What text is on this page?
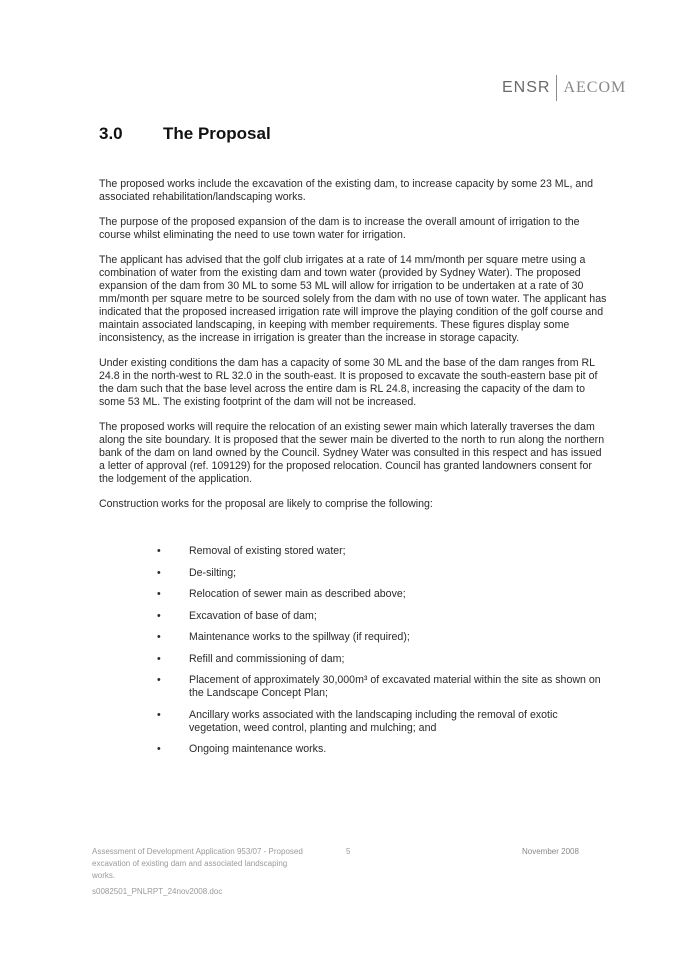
ENSR AECOM
3.0 The Proposal

The proposed works include the excavation of the existing dam, to increase capacity by some 23 ML, and associated rehabilitation/landscaping works.

The purpose of the proposed expansion of the dam is to increase the overall amount of irrigation to the course whilst eliminating the need to use town water for irrigation.

The applicant has advised that the golf club irrigates at a rate of 14 mm/month per square metre using a combination of water from the existing dam and town water (provided by Sydney Water). The proposed expansion of the dam from 30 ML to some 53 ML will allow for irrigation to be undertaken at a rate of 30 mm/month per square metre to be sourced solely from the dam with no use of town water. The applicant has indicated that the proposed increased irrigation rate will improve the playing condition of the golf course and maintain associated landscaping, in keeping with member requirements. These figures display some inconsistency, as the increase in irrigation is greater than the increase in storage capacity.

Under existing conditions the dam has a capacity of some 30 ML and the base of the dam ranges from RL 24.8 in the north-west to RL 32.0 in the south-east. It is proposed to excavate the south-eastern base pit of the dam such that the base level across the entire dam is RL 24.8, increasing the capacity of the dam to some 53 ML. The existing footprint of the dam will not be increased.

The proposed works will require the relocation of an existing sewer main which laterally traverses the dam along the site boundary. It is proposed that the sewer main be diverted to the north to run along the northern bank of the dam on land owned by the Council. Sydney Water was consulted in this respect and has issued a letter of approval (ref. 109129) for the proposed relocation. Council has granted landowners consent for the lodgement of the application.

Construction works for the proposal are likely to comprise the following:

•	Removal of existing stored water;
•	De-silting;
•	Relocation of sewer main as described above;
•	Excavation of base of dam;
•	Maintenance works to the spillway (if required);
•	Refill and commissioning of dam;
•	Placement of approximately 30,000m³ of excavated material within the site as shown on the Landscape Concept Plan;
•	Ancillary works associated with the landscaping including the removal of exotic vegetation, weed control, planting and mulching; and
•	Ongoing maintenance works.
Assessment of Development Application 953/07 - Proposed excavation of existing dam and associated landscaping works.
5	November 2008
s0082501_PNLRPT_24nov2008.doc
